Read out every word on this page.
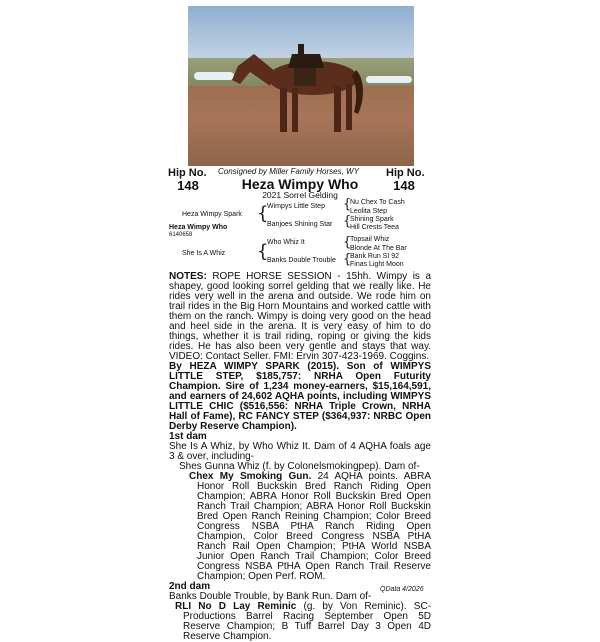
Hip No.
148
Consigned by Miller Family Horses, WY Hip No.
148
Heza Wimpy Who
2021 Sorrel Gelding
Heza Wimpy Spark
Heza Wimpy Who
6140658
She Is A Whiz
{
Wimpys Little Step
Banjoes Shining Star
{
Who Whiz It
Banks Double Trouble
{
Nu Chex To Cash
Leolita Step
{
Shining Spark
Hill Crests Teea
{
Topsail Whiz
Blonde At The Bar
{
Bank Run SI 92
Finas Light Moon

NOTES: ROPE HORSE SESSION - 15hh. Wimpy is a shapey, good looking sorrel gelding that we really like. He rides very well in the arena and outside. We rode him on trail rides in the Big Horn Mountains and worked cattle with them on the ranch. Wimpy is doing very good on the head and heel side in the arena. It is very easy of him to do things, whether it is trail riding, roping or giving the kids rides. He has also been very gentle and stays that way. VIDEO: Contact Seller. FMI: Ervin 307-423-1969. Coggins.

By HEZA WIMPY SPARK (2015). Son of WIMPYS LITTLE STEP, $185,757: NRHA Open Futurity Champion. Sire of 1,234 money-earners, $15,164,591, and earners of 24,602 AQHA points, including WIMPYS LITTLE CHIC ($516,556: NRHA Triple Crown, NRHA Hall of Fame), RC FANCY STEP ($364,937: NRBC Open Derby Reserve Champion).

1st dam

She Is A Whiz, by Who Whiz It. Dam of 4 AQHA foals age 3 & over, including-

Shes Gunna Whiz (f. by Colonelsmokingpep). Dam of-

Chex My Smoking Gun. 24 AQHA points. ABRA Honor Roll Buckskin Bred Ranch Riding Open Champion; ABRA Honor Roll Buckskin Bred Open Ranch Trail Champion; ABRA Honor Roll Buckskin Bred Open Ranch Reining Champion; Color Breed Congress NSBA PtHA Ranch Riding Open Champion, Color Breed Congress NSBA PtHA Ranch Rail Open Champion; PtHA World NSBA Junior Open Ranch Trail Champion; Color Breed Congress NSBA PtHA Open Ranch Trail Reserve Champion; Open Perf. ROM.

2nd dam

Banks Double Trouble, by Bank Run. Dam of-

RLI No D Lay Reminic (g. by Von Reminic). SC-Productions Barrel Racing September Open 5D Reserve Champion; B Tuff Barrel Day 3 Open 4D Reserve Champion.

QData 4/2026
